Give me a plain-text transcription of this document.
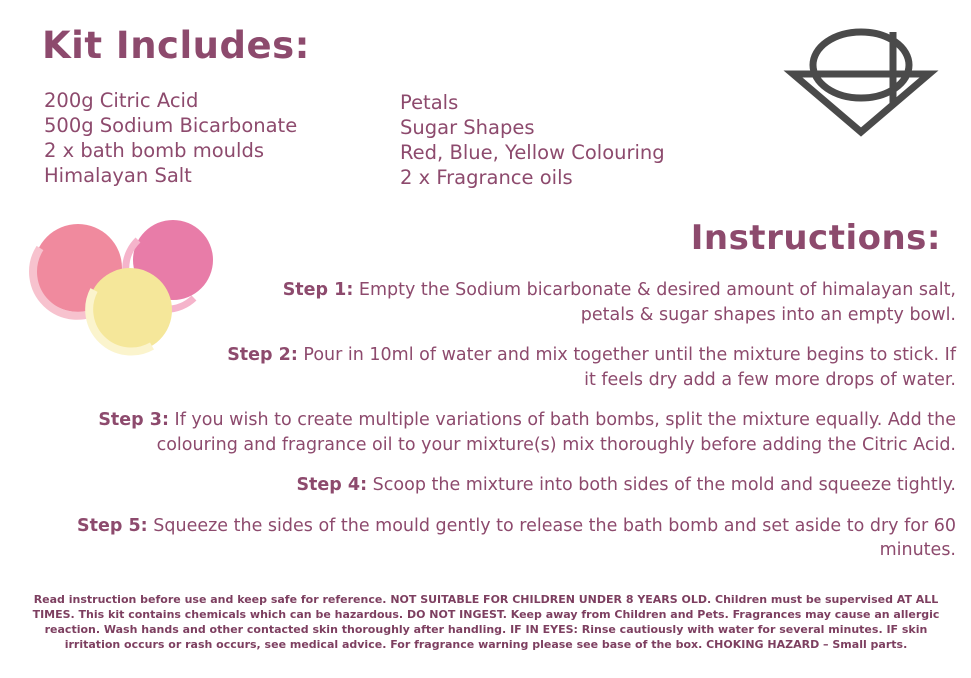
Kit Includes:
200g Citric Acid
500g Sodium Bicarbonate
2 x bath bomb moulds
Himalayan Salt
Petals
Sugar Shapes
Red, Blue, Yellow Colouring
2 x Fragrance oils
Instructions:
Step 1: Empty the Sodium bicarbonate & desired amount of himalayan salt, petals & sugar shapes into an empty bowl.
Step 2: Pour in 10ml of water and mix together until the mixture begins to stick. If it feels dry add a few more drops of water.
Step 3: If you wish to create multiple variations of bath bombs, split the mixture equally. Add the colouring and fragrance oil to your mixture(s) mix thoroughly before adding the Citric Acid.
Step 4: Scoop the mixture into both sides of the mold and squeeze tightly.
Step 5: Squeeze the sides of the mould gently to release the bath bomb and set aside to dry for 60 minutes.
Read instruction before use and keep safe for reference. NOT SUITABLE FOR CHILDREN UNDER 8 YEARS OLD. Children must be supervised AT ALL TIMES. This kit contains chemicals which can be hazardous. DO NOT INGEST. Keep away from Children and Pets. Fragrances may cause an allergic reaction. Wash hands and other contacted skin thoroughly after handling. IF IN EYES: Rinse cautiously with water for several minutes. IF skin irritation occurs or rash occurs, see medical advice. For fragrance warning please see base of the box. CHOKING HAZARD – Small parts.
